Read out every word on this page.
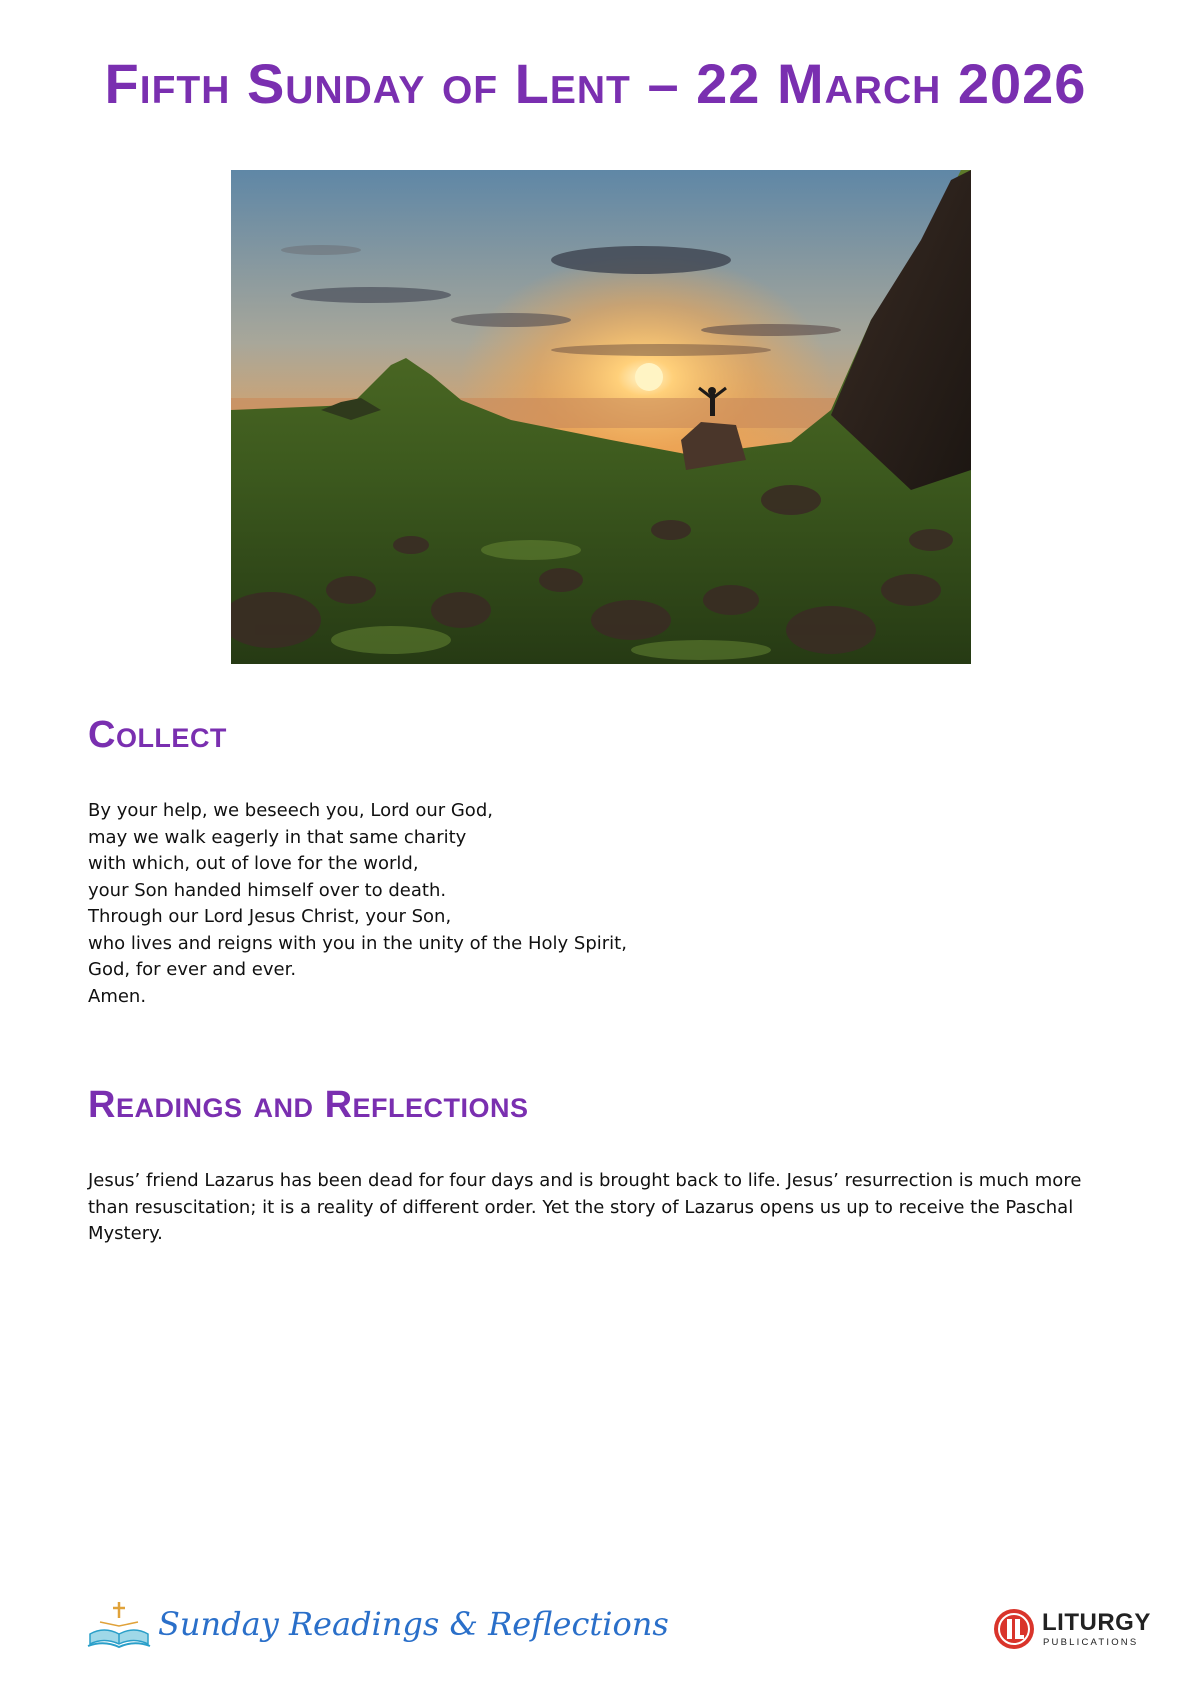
Fifth Sunday of Lent – 22 March 2026
Collect
By your help, we beseech you, Lord our God,
may we walk eagerly in that same charity
with which, out of love for the world,
your Son handed himself over to death.
Through our Lord Jesus Christ, your Son,
who lives and reigns with you in the unity of the Holy Spirit,
God, for ever and ever.
Amen.
Readings and Reflections
Jesus’ friend Lazarus has been dead for four days and is brought back to life. Jesus’ resurrection is much more than resuscitation; it is a reality of different order. Yet the story of Lazarus opens us up to receive the Paschal Mystery.
Sunday Readings & Reflections	LITURGY
PUBLICATIONS
